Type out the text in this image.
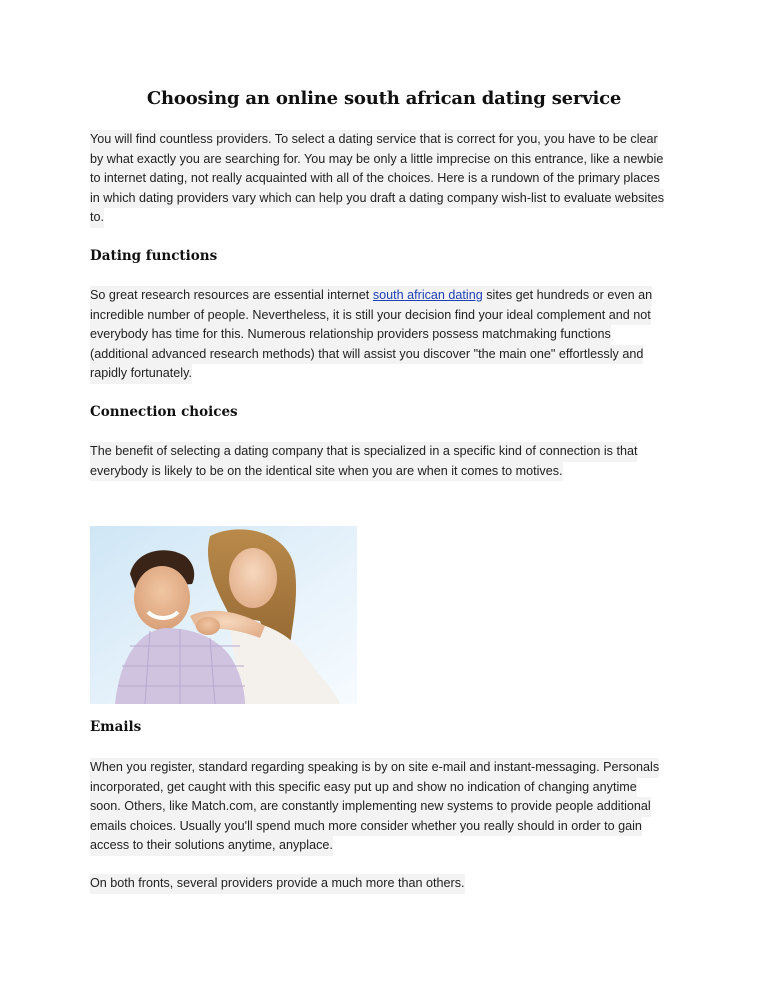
Choosing an online south african dating service
You will find countless providers. To select a dating service that is correct for you, you have to be clear
by what exactly you are searching for. You may be only a little imprecise on this entrance, like a newbie
to internet dating, not really acquainted with all of the choices. Here is a rundown of the primary places
in which dating providers vary which can help you draft a dating company wish-list to evaluate websites
to.
Dating functions
So great research resources are essential internet south african dating sites get hundreds or even an
incredible number of people. Nevertheless, it is still your decision find your ideal complement and not
everybody has time for this. Numerous relationship providers possess matchmaking functions
(additional advanced research methods) that will assist you discover "the main one" effortlessly and
rapidly fortunately.
Connection choices
The benefit of selecting a dating company that is specialized in a specific kind of connection is that
everybody is likely to be on the identical site when you are when it comes to motives.
Emails
When you register, standard regarding speaking is by on site e-mail and instant-messaging. Personals
incorporated, get caught with this specific easy put up and show no indication of changing anytime
soon. Others, like Match.com, are constantly implementing new systems to provide people additional
emails choices. Usually you'll spend much more consider whether you really should in order to gain
access to their solutions anytime, anyplace.
On both fronts, several providers provide a much more than others.
